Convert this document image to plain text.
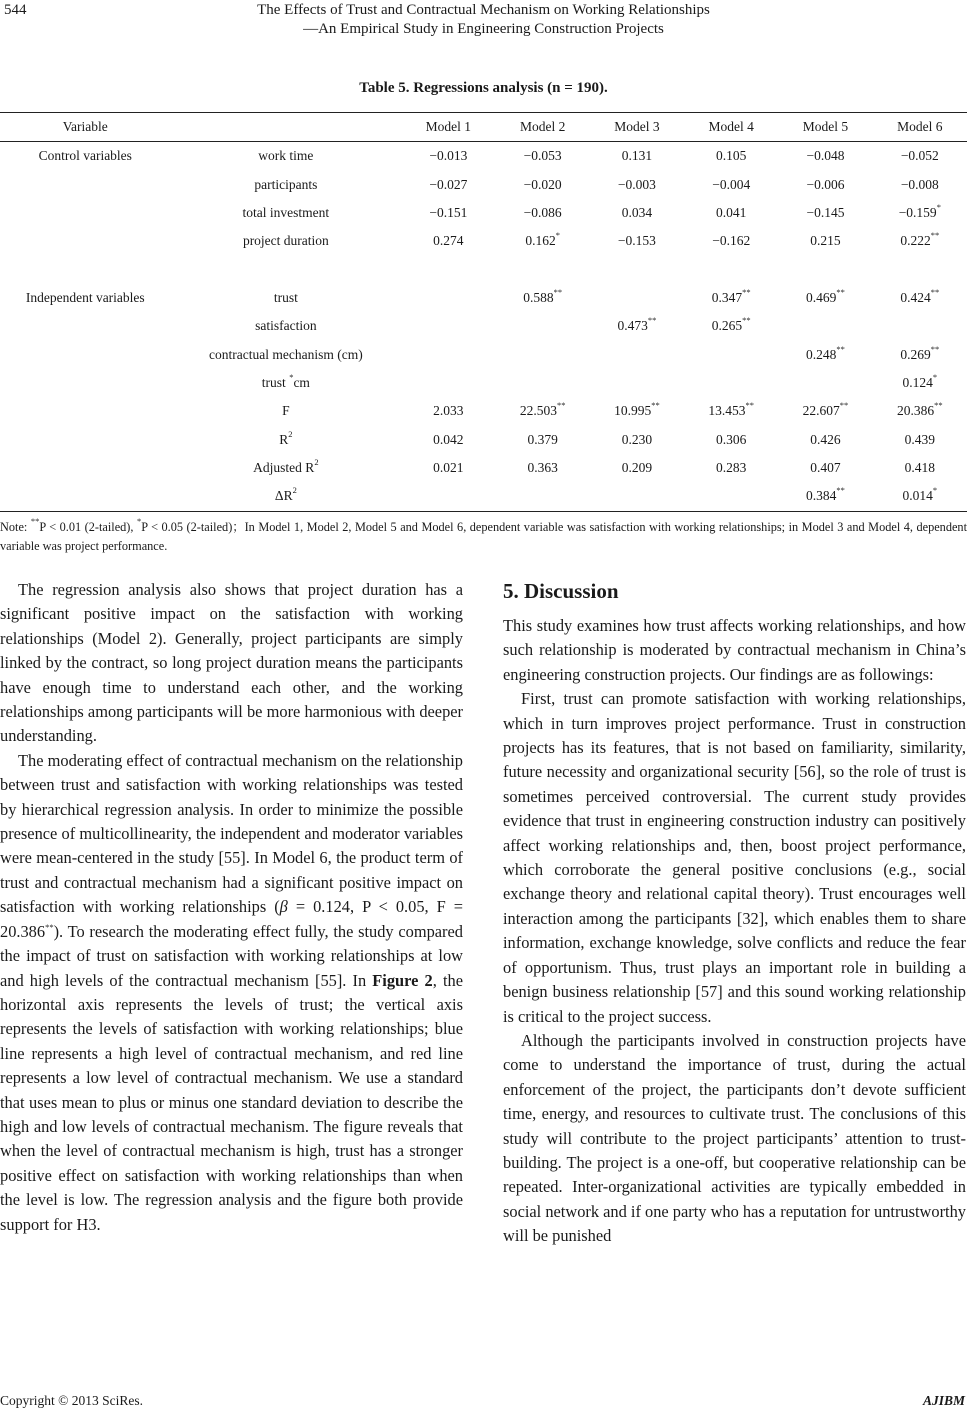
544	The Effects of Trust and Contractual Mechanism on Working Relationships
—An Empirical Study in Engineering Construction Projects
Table 5. Regressions analysis (n = 190).
Variable		Model 1	Model 2	Model 3	Model 4	Model 5	Model 6
Control variables	work time	−0.013	−0.053	0.131	0.105	−0.048	−0.052
	participants	−0.027	−0.020	−0.003	−0.004	−0.006	−0.008
	total investment	−0.151	−0.086	0.034	0.041	−0.145	−0.159*
	project duration	0.274	0.162*	−0.153	−0.162	0.215	0.222**

Independent variables	trust		0.588**		0.347**	0.469**	0.424**
	satisfaction			0.473**	0.265**		
	contractual mechanism (cm)					0.248**	0.269**
	trust *cm						0.124*
	F	2.033	22.503**	10.995**	13.453**	22.607**	20.386**
	$R^2$	0.042	0.379	0.230	0.306	0.426	0.439
	Adjusted $R^2$	0.021	0.363	0.209	0.283	0.407	0.418
	$\Delta R^2$					0.384**	0.014*
Note: **P < 0.01 (2-tailed), *P < 0.05 (2-tailed)；In Model 1, Model 2, Model 5 and Model 6, dependent variable was satisfaction with working relationships; in Model 3 and Model 4, dependent variable was project performance.

The regression analysis also shows that project duration has a significant positive impact on the satisfaction with working relationships (Model 2). Generally, project participants are simply linked by the contract, so long project duration means the participants have enough time to understand each other, and the working relationships among participants will be more harmonious with deeper understanding.

The moderating effect of contractual mechanism on the relationship between trust and satisfaction with working relationships was tested by hierarchical regression analysis. In order to minimize the possible presence of multicollinearity, the independent and moderator variables were mean-centered in the study [55]. In Model 6, the product term of trust and contractual mechanism had a significant positive impact on satisfaction with working relationships (β = 0.124, P < 0.05, F = 20.386**). To research the moderating effect fully, the study compared the impact of trust on satisfaction with working relationships at low and high levels of the contractual mechanism [55]. In Figure 2, the horizontal axis represents the levels of trust; the vertical axis represents the levels of satisfaction with working relationships; blue line represents a high level of contractual mechanism, and red line represents a low level of contractual mechanism. We use a standard that uses mean to plus or minus one standard deviation to describe the high and low levels of contractual mechanism. The figure reveals that when the level of contractual mechanism is high, trust has a stronger positive effect on satisfaction with working relationships than when the level is low. The regression analysis and the figure both provide support for H3.

5. Discussion

This study examines how trust affects working relationships, and how such relationship is moderated by contractual mechanism in China’s engineering construction projects. Our findings are as followings:

First, trust can promote satisfaction with working relationships, which in turn improves project performance. Trust in construction projects has its features, that is not based on familiarity, similarity, future necessity and organizational security [56], so the role of trust is sometimes perceived controversial. The current study provides evidence that trust in engineering construction industry can positively affect working relationships and, then, boost project performance, which corroborate the general positive conclusions (e.g., social exchange theory and relational capital theory). Trust encourages well interaction among the participants [32], which enables them to share information, exchange knowledge, solve conflicts and reduce the fear of opportunism. Thus, trust plays an important role in building a benign business relationship [57] and this sound working relationship is critical to the project success.

Although the participants involved in construction projects have come to understand the importance of trust, during the actual enforcement of the project, the participants don’t devote sufficient time, energy, and resources to cultivate trust. The conclusions of this study will contribute to the project participants’ attention to trust-building. The project is a one-off, but cooperative relationship can be repeated. Inter-organizational activities are typically embedded in social network and if one party who has a reputation for untrustworthy will be punished

Copyright © 2013 SciRes.	AJIBM
